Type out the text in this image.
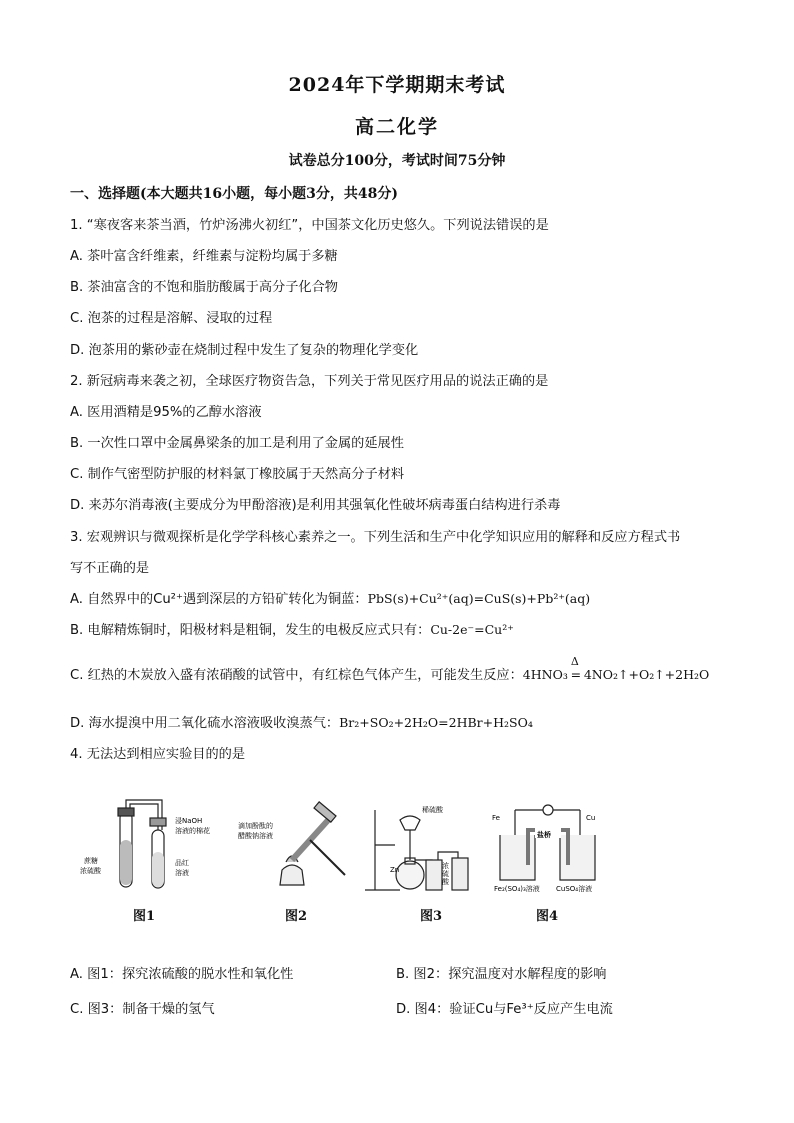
2024年下学期期末考试
高二化学
试卷总分100分，考试时间75分钟
一、选择题(本大题共16小题，每小题3分，共48分)
1. “寒夜客来茶当酒，竹炉汤沸火初红”，中国茶文化历史悠久。下列说法错误的是
A. 茶叶富含纤维素，纤维素与淀粉均属于多糖
B. 茶油富含的不饱和脂肪酸属于高分子化合物
C. 泡茶的过程是溶解、浸取的过程
D. 泡茶用的紫砂壶在烧制过程中发生了复杂的物理化学变化
2. 新冠病毒来袭之初，全球医疗物资告急，下列关于常见医疗用品的说法正确的是
A. 医用酒精是95%的乙醇水溶液
B. 一次性口罩中金属鼻梁条的加工是利用了金属的延展性
C. 制作气密型防护服的材料氯丁橡胶属于天然高分子材料
D. 来苏尔消毒液(主要成分为甲酚溶液)是利用其强氧化性破坏病毒蛋白结构进行杀毒
3. 宏观辨识与微观探析是化学学科核心素养之一。下列生活和生产中化学知识应用的解释和反应方程式书
写不正确的是
A. 自然界中的Cu²⁺遇到深层的方铅矿转化为铜蓝：PbS(s)+Cu²⁺(aq)=CuS(s)+Pb²⁺(aq)
B. 电解精炼铜时，阳极材料是粗铜，发生的电极反应式只有：Cu-2e⁻=Cu²⁺
C. 红热的木炭放入盛有浓硝酸的试管中，有红棕色气体产生，可能发生反应：4HNO₃
Δ
= 4NO₂↑+O₂↑+2H₂O
D. 海水提溴中用二氧化硫水溶液吸收溴蒸气：Br₂+SO₂+2H₂O=2HBr+H₂SO₄
4. 无法达到相应实验目的的是
浸NaOH
溶液的棉花
蔗糖
浓硫酸
品红
溶液
滴加酚酞的
醋酸钠溶液
稀硫酸
Zn	浓
硫
酸
Fe	Cu
盐桥
Fe₂(SO₄)₃溶液 CuSO₄溶液
图1	图2	图3	图4
A. 图1：探究浓硫酸的脱水性和氧化性	B. 图2：探究温度对水解程度的影响
C. 图3：制备干燥的氢气	D. 图4：验证Cu与Fe³⁺反应产生电流
